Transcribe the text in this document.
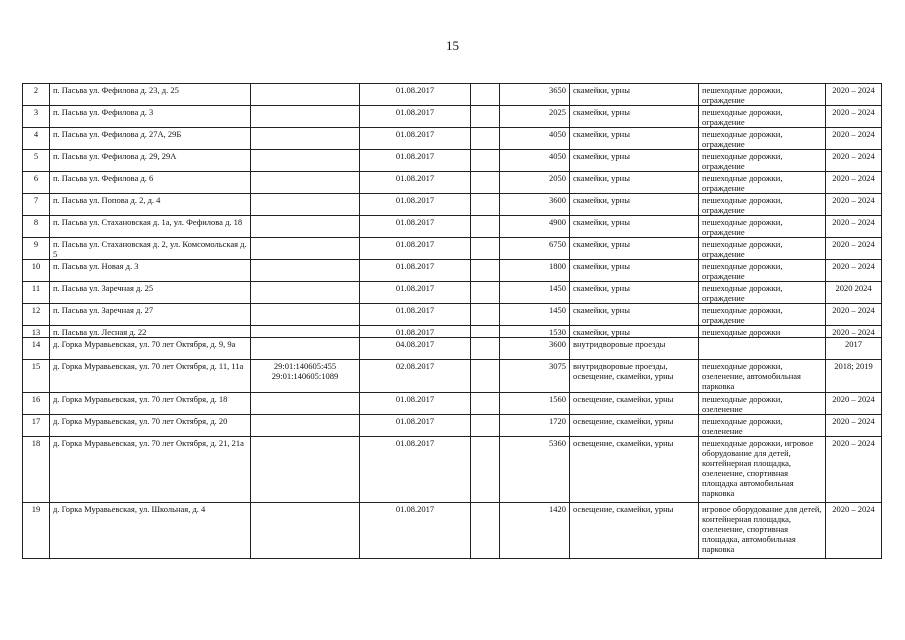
15
2	п. Пасьва ул. Фефилова д. 23, д. 25		01.08.2017		3650	скамейки, урны	пешеходные дорожки, ограждение	2020 – 2024
3	п. Пасьва ул. Фефилова д. 3		01.08.2017		2025	скамейки, урны	пешеходные дорожки, ограждение	2020 – 2024
4	п. Пасьва ул. Фефилова д. 27А, 29Б		01.08.2017		4050	скамейки, урны	пешеходные дорожки, ограждение	2020 – 2024
5	п. Пасьва ул. Фефилова д. 29, 29А		01.08.2017		4050	скамейки, урны	пешеходные дорожки, ограждение	2020 – 2024
6	п. Пасьва ул. Фефилова д. 6		01.08.2017		2050	скамейки, урны	пешеходные дорожки, ограждение	2020 – 2024
7	п. Пасьва ул. Попова д. 2, д. 4		01.08.2017		3600	скамейки, урны	пешеходные дорожки, ограждение	2020 – 2024
8	п. Пасьва ул. Стахановская д. 1а, ул. Фефилова д. 18		01.08.2017		4900	скамейки, урны	пешеходные дорожки, ограждение	2020 – 2024
9	п. Пасьва ул. Стахановская д. 2, ул. Комсомольская д. 5		01.08.2017		6750	скамейки, урны	пешеходные дорожки, ограждение	2020 – 2024
10	п. Пасьва ул. Новая д. 3		01.08.2017		1800	скамейки, урны	пешеходные дорожки, ограждение	2020 – 2024
11	п. Пасьва ул. Заречная д. 25		01.08.2017		1450	скамейки, урны	пешеходные дорожки, ограждение	2020 2024
12	п. Пасьва ул. Заречная д. 27		01.08.2017		1450	скамейки, урны	пешеходные дорожки, ограждение	2020 – 2024
13	п. Пасьва ул. Лесная д. 22		01.08.2017		1530	скамейки, урны	пешеходные дорожки	2020 – 2024
14	д. Горка Муравьевская, ул. 70 лет Октября, д. 9, 9а		04.08.2017		3600	внутридворовые проезды		2017
15	д. Горка Муравьевская, ул. 70 лет Октября, д. 11, 11а	29:01:140605:455 29:01:140605:1089	02.08.2017		3075	внутридворовые проезды, освещение, скамейки, урны	пешеходные дорожки, озеленение, автомобильная парковка	2018; 2019
16	д. Горка Муравьевская, ул. 70 лет Октября, д. 18		01.08.2017		1560	освещение, скамейки, урны	пешеходные дорожки, озеленение	2020 – 2024
17	д. Горка Муравьевская, ул. 70 лет Октября, д. 20		01.08.2017		1720	освещение, скамейки, урны	пешеходные дорожки, озеленение	2020 – 2024
18	д. Горка Муравьевская, ул. 70 лет Октября, д. 21, 21а		01.08.2017		5360	освещение, скамейки, урны	пешеходные дорожки, игровое оборудование для детей, контейнерная площадка, озеленение, спортивная площадка автомобильная парковка	2020 – 2024
19	д. Горка Муравьевская, ул. Школьная, д. 4		01.08.2017		1420	освещение, скамейки, урны	игровое оборудование для детей, контейнерная площадка, озеленение, спортивная площадка, автомобильная парковка	2020 – 2024
